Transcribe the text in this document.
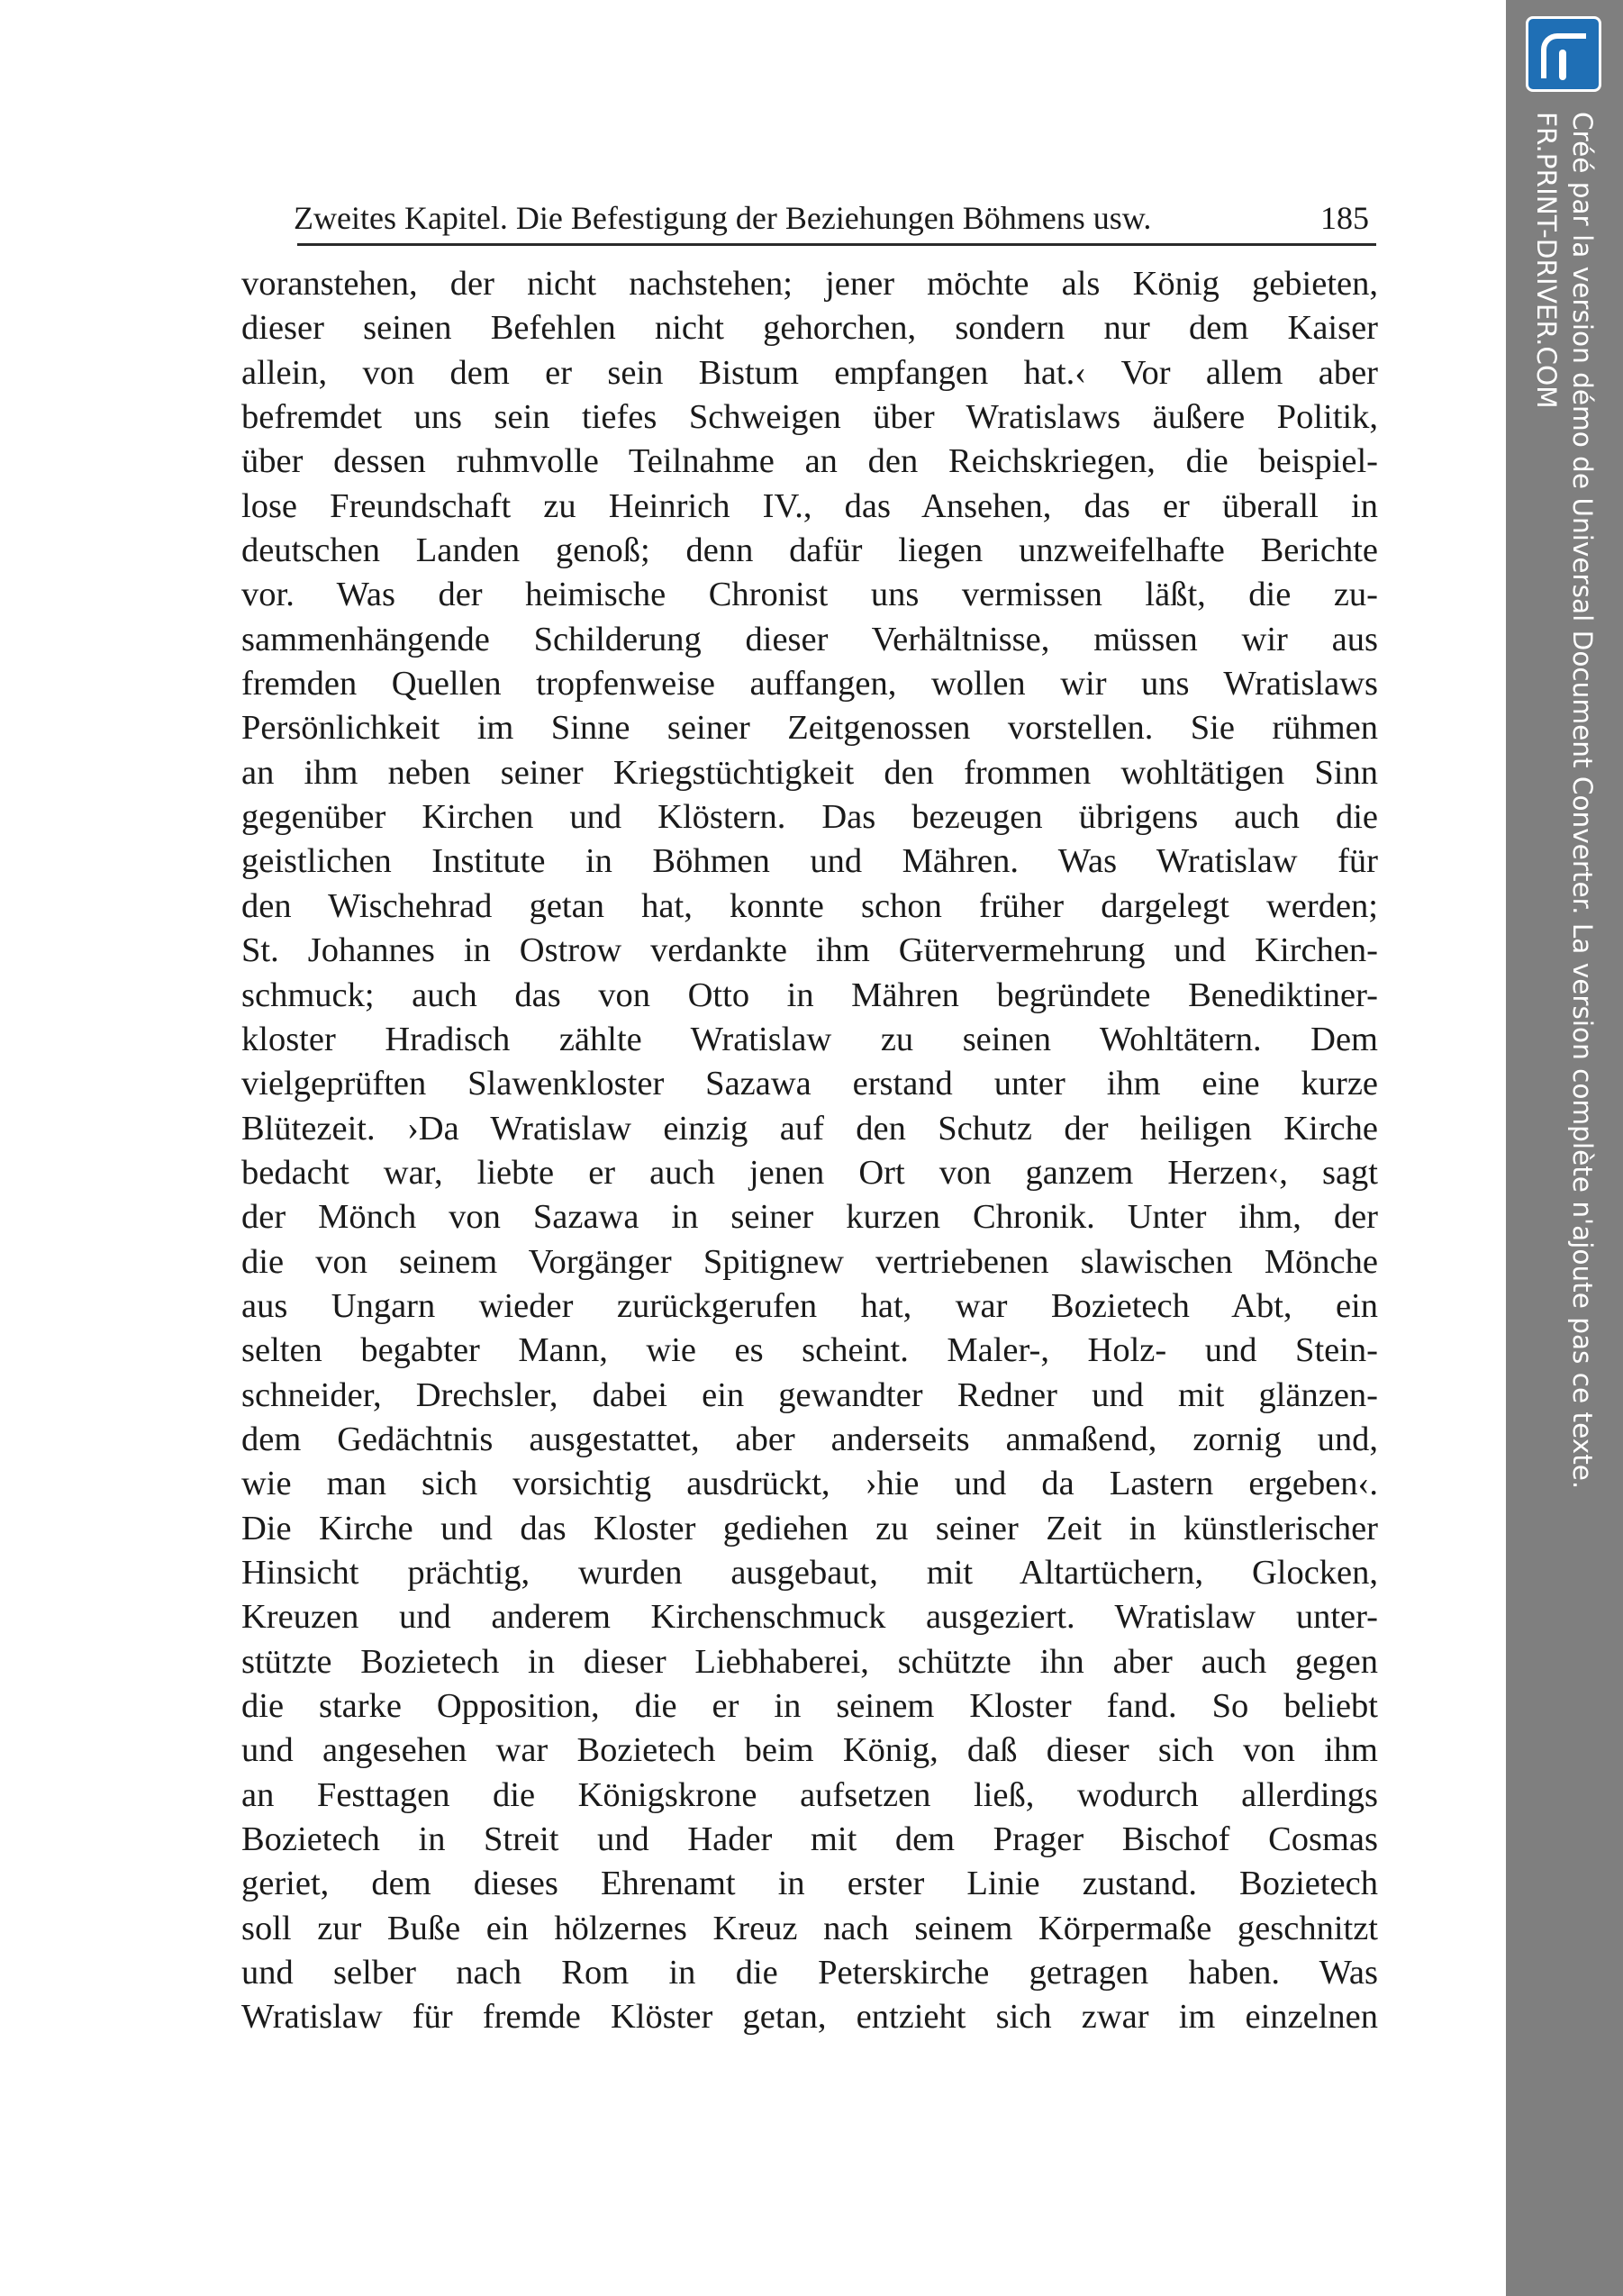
Zweites Kapitel. Die Befestigung der Beziehungen Böhmens usw.	185
voranstehen, der nicht nachstehen; jener möchte als König gebieten,
dieser seinen Befehlen nicht gehorchen, sondern nur dem Kaiser
allein, von dem er sein Bistum empfangen hat.‹ Vor allem aber
befremdet uns sein tiefes Schweigen über Wratislaws äußere Politik,
über dessen ruhmvolle Teilnahme an den Reichskriegen, die beispiel-
lose Freundschaft zu Heinrich IV., das Ansehen, das er überall in
deutschen Landen genoß; denn dafür liegen unzweifelhafte Berichte
vor. Was der heimische Chronist uns vermissen läßt, die zu-
sammenhängende Schilderung dieser Verhältnisse, müssen wir aus
fremden Quellen tropfenweise auffangen, wollen wir uns Wratislaws
Persönlichkeit im Sinne seiner Zeitgenossen vorstellen. Sie rühmen
an ihm neben seiner Kriegstüchtigkeit den frommen wohltätigen Sinn
gegenüber Kirchen und Klöstern. Das bezeugen übrigens auch die
geistlichen Institute in Böhmen und Mähren. Was Wratislaw für
den Wischehrad getan hat, konnte schon früher dargelegt werden;
St. Johannes in Ostrow verdankte ihm Gütervermehrung und Kirchen-
schmuck; auch das von Otto in Mähren begründete Benediktiner-
kloster Hradisch zählte Wratislaw zu seinen Wohltätern. Dem
vielgeprüften Slawenkloster Sazawa erstand unter ihm eine kurze
Blütezeit. ›Da Wratislaw einzig auf den Schutz der heiligen Kirche
bedacht war, liebte er auch jenen Ort von ganzem Herzen‹, sagt
der Mönch von Sazawa in seiner kurzen Chronik. Unter ihm, der
die von seinem Vorgänger Spitignew vertriebenen slawischen Mönche
aus Ungarn wieder zurückgerufen hat, war Bozietech Abt, ein
selten begabter Mann, wie es scheint. Maler-, Holz- und Stein-
schneider, Drechsler, dabei ein gewandter Redner und mit glänzen-
dem Gedächtnis ausgestattet, aber anderseits anmaßend, zornig und,
wie man sich vorsichtig ausdrückt, ›hie und da Lastern ergeben‹.
Die Kirche und das Kloster gediehen zu seiner Zeit in künstlerischer
Hinsicht prächtig, wurden ausgebaut, mit Altartüchern, Glocken,
Kreuzen und anderem Kirchenschmuck ausgeziert. Wratislaw unter-
stützte Bozietech in dieser Liebhaberei, schützte ihn aber auch gegen
die starke Opposition, die er in seinem Kloster fand. So beliebt
und angesehen war Bozietech beim König, daß dieser sich von ihm
an Festtagen die Königskrone aufsetzen ließ, wodurch allerdings
Bozietech in Streit und Hader mit dem Prager Bischof Cosmas
geriet, dem dieses Ehrenamt in erster Linie zustand. Bozietech
soll zur Buße ein hölzernes Kreuz nach seinem Körpermaße geschnitzt
und selber nach Rom in die Peterskirche getragen haben. Was
Wratislaw für fremde Klöster getan, entzieht sich zwar im einzelnen
Créé par la version démo de Universal Document Converter. La version complète n'ajoute pas ce texte.
FR.PRINT-DRIVER.COM
